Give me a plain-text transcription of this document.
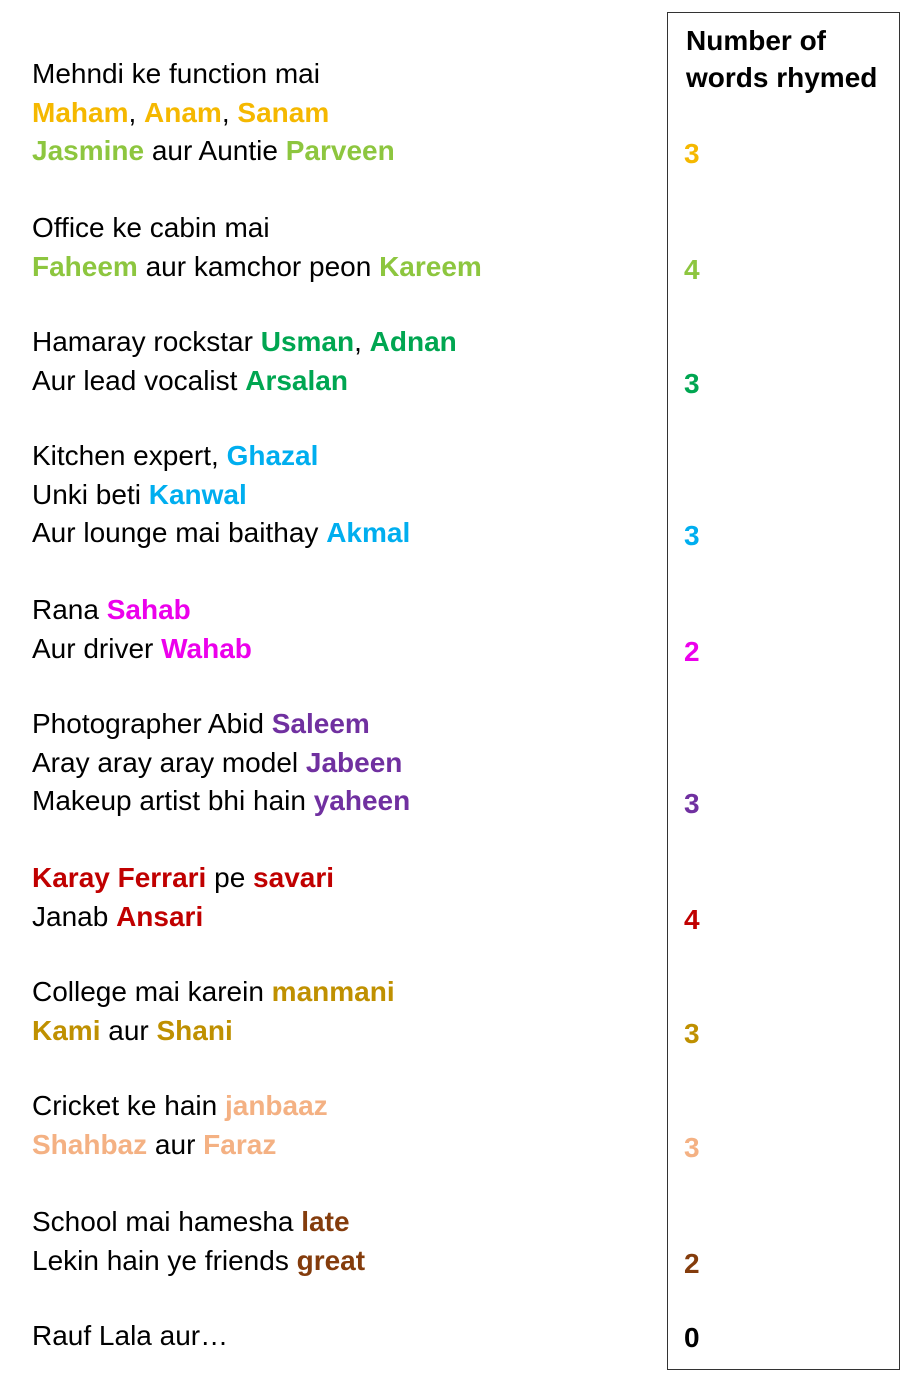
Number of
words rhymed
Mehndi ke function mai
Maham, Anam, Sanam
Jasmine aur Auntie Parveen
Office ke cabin mai
Faheem aur kamchor peon Kareem
Hamaray rockstar Usman, Adnan
Aur lead vocalist Arsalan
Kitchen expert, Ghazal
Unki beti Kanwal
Aur lounge mai baithay Akmal
Rana Sahab
Aur driver Wahab
Photographer Abid Saleem
Aray aray aray model Jabeen
Makeup artist bhi hain yaheen
Karay Ferrari pe savari
Janab Ansari
College mai karein manmani
Kami aur Shani
Cricket ke hain janbaaz
Shahbaz aur Faraz
School mai hamesha late
Lekin hain ye friends great
Rauf Lala aur…
3
4
3
3
2
3
4
3
3
2
0
